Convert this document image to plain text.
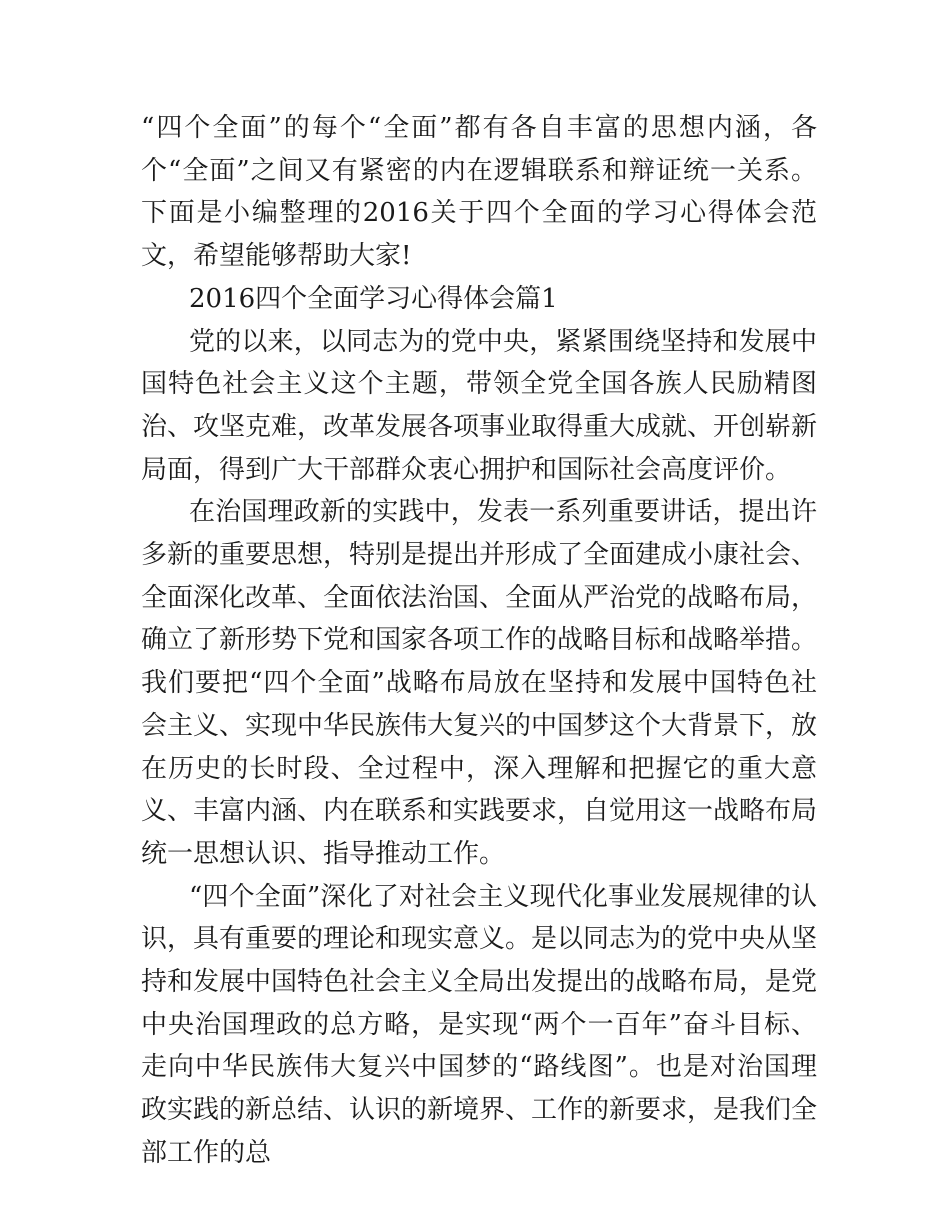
“四个全面”的每个“全面”都有各自丰富的思想内涵，各个“全面”之间又有紧密的内在逻辑联系和辩证统一关系。下面是小编整理的2016关于四个全面的学习心得体会范文，希望能够帮助大家!

2016四个全面学习心得体会篇1

党的以来，以同志为的党中央，紧紧围绕坚持和发展中国特色社会主义这个主题，带领全党全国各族人民励精图治、攻坚克难，改革发展各项事业取得重大成就、开创崭新局面，得到广大干部群众衷心拥护和国际社会高度评价。

在治国理政新的实践中，发表一系列重要讲话，提出许多新的重要思想，特别是提出并形成了全面建成小康社会、全面深化改革、全面依法治国、全面从严治党的战略布局，确立了新形势下党和国家各项工作的战略目标和战略举措。我们要把“四个全面”战略布局放在坚持和发展中国特色社会主义、实现中华民族伟大复兴的中国梦这个大背景下，放在历史的长时段、全过程中，深入理解和把握它的重大意义、丰富内涵、内在联系和实践要求，自觉用这一战略布局统一思想认识、指导推动工作。

“四个全面”深化了对社会主义现代化事业发展规律的认识，具有重要的理论和现实意义。是以同志为的党中央从坚持和发展中国特色社会主义全局出发提出的战略布局，是党中央治国理政的总方略，是实现“两个一百年”奋斗目标、走向中华民族伟大复兴中国梦的“路线图”。也是对治国理政实践的新总结、认识的新境界、工作的新要求，是我们全部工作的总
